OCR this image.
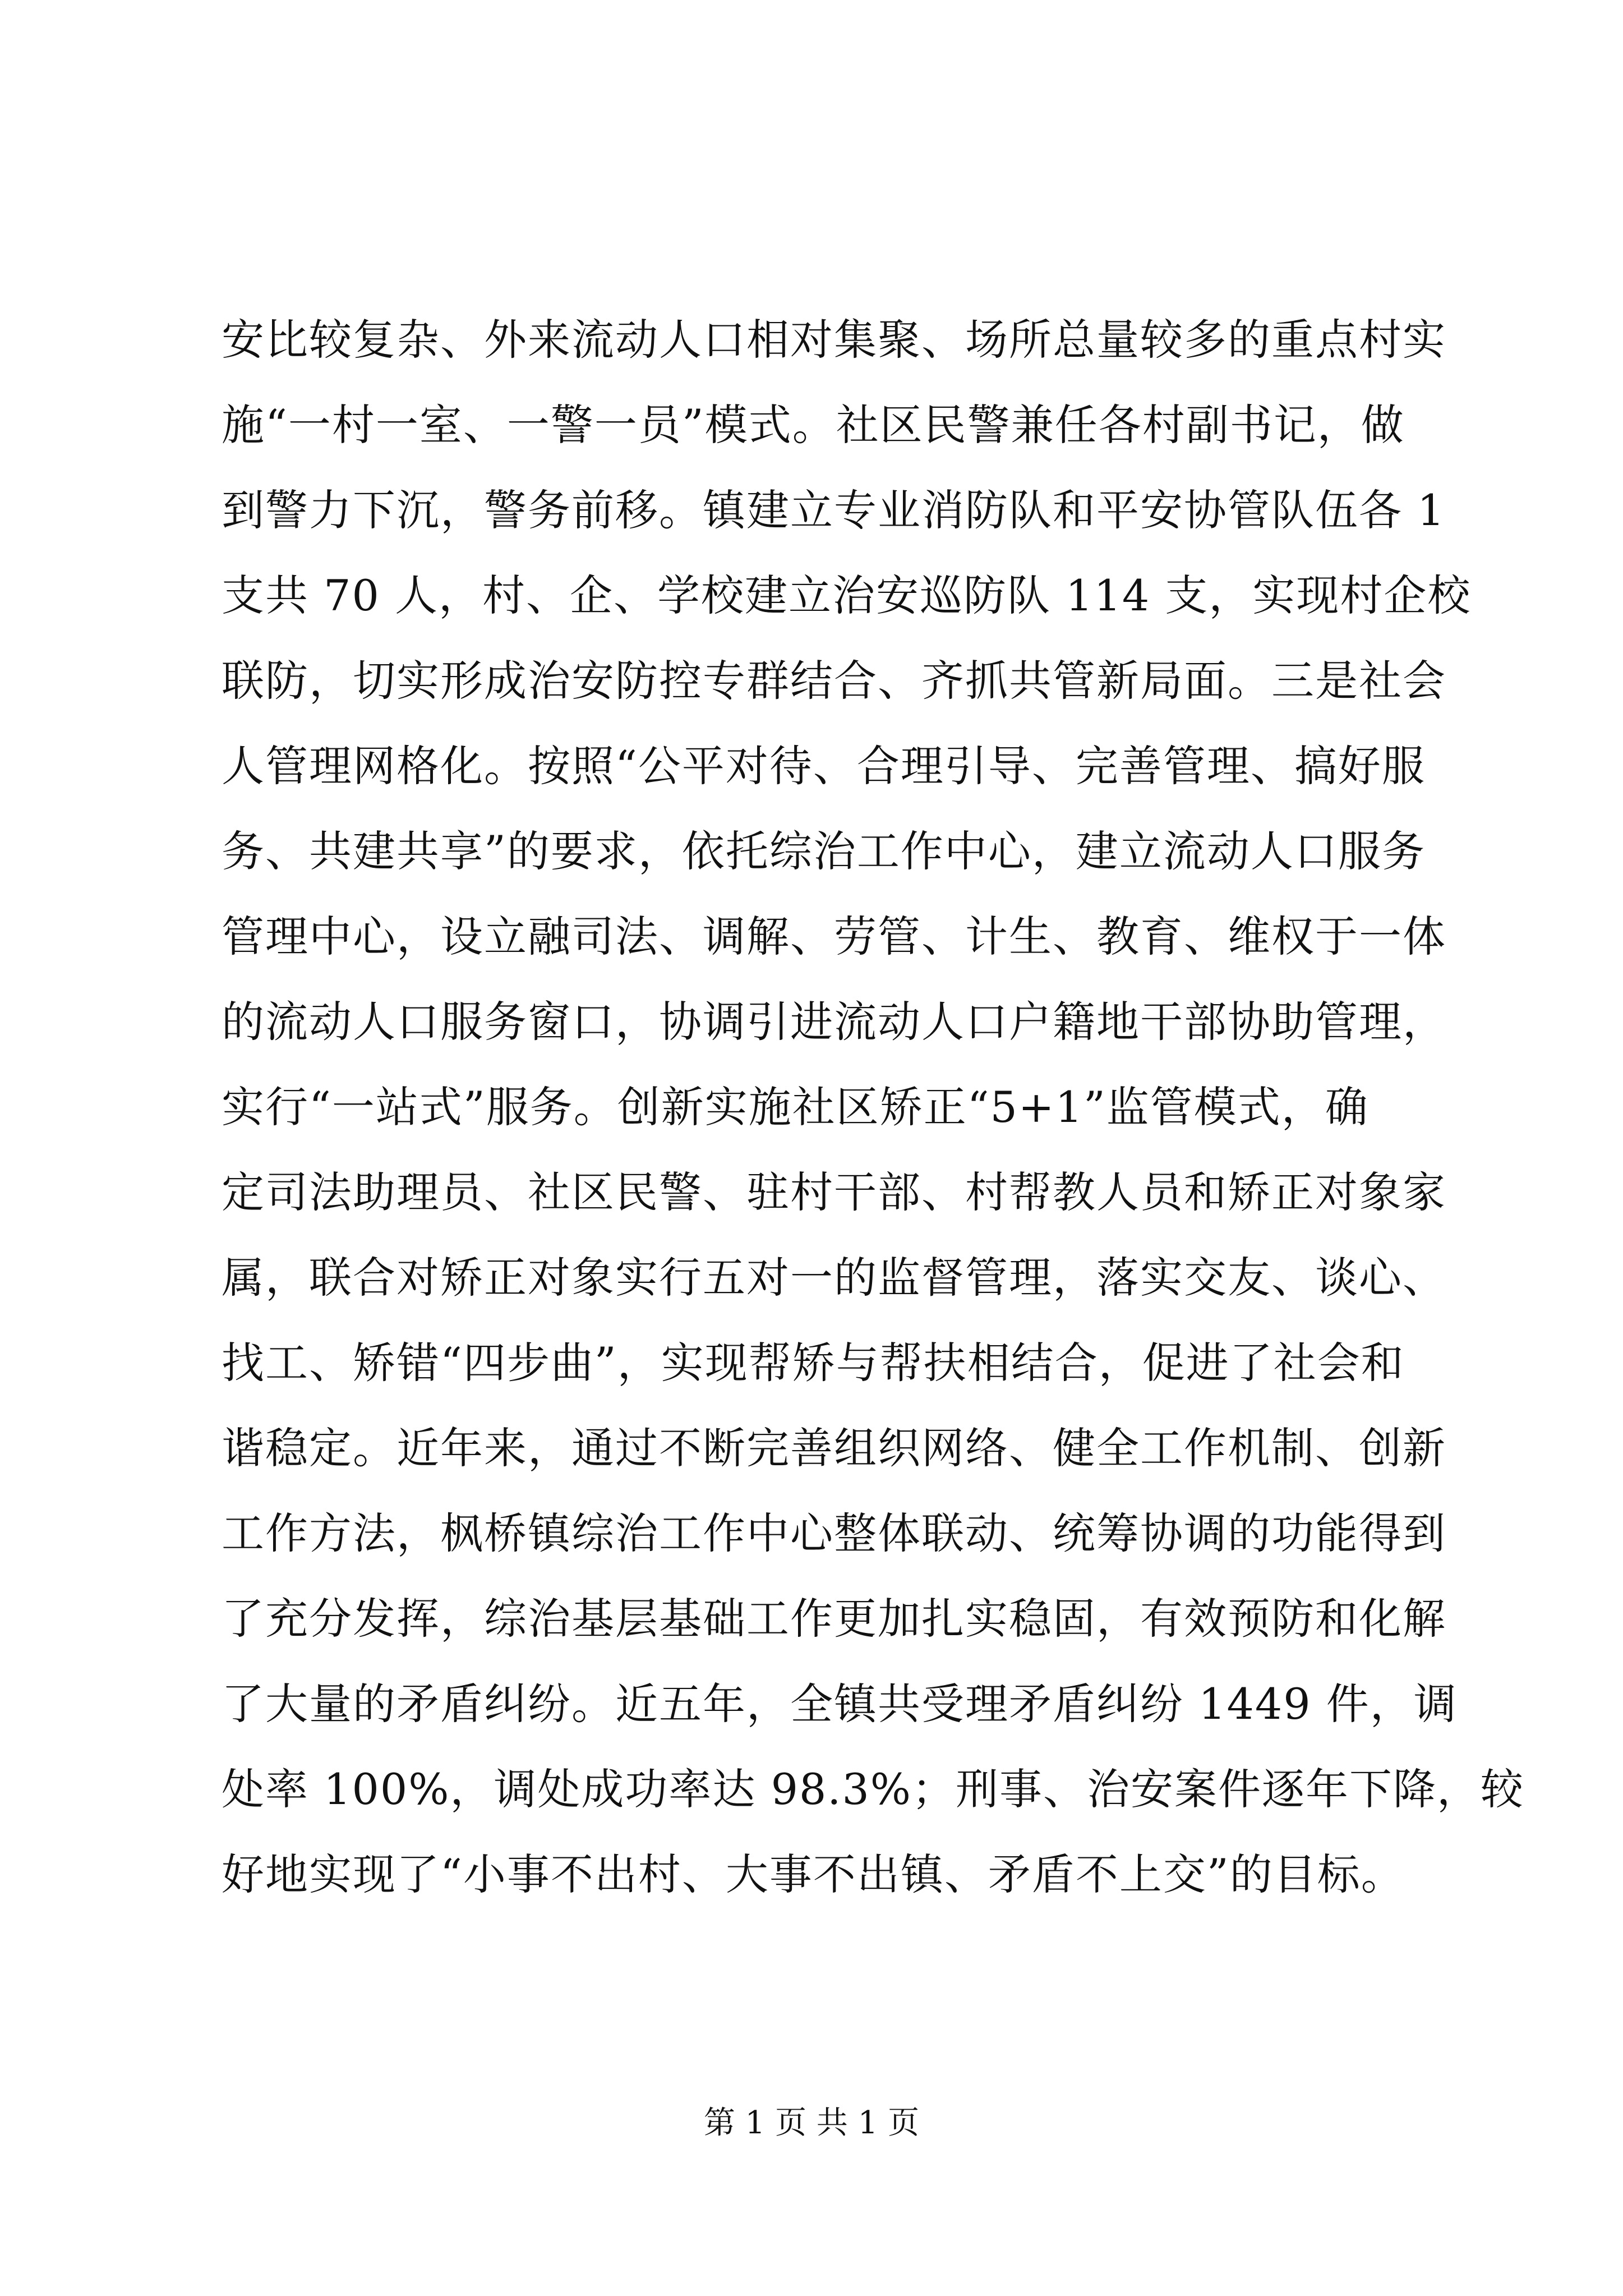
安比较复杂、外来流动人口相对集聚、场所总量较多的重点村实
施“一村一室、一警一员”模式。社区民警兼任各村副书记，做
到警力下沉，警务前移。镇建立专业消防队和平安协管队伍各 1
支共 70 人，村、企、学校建立治安巡防队 114 支，实现村企校
联防，切实形成治安防控专群结合、齐抓共管新局面。三是社会
人管理网格化。按照“公平对待、合理引导、完善管理、搞好服
务、共建共享”的要求，依托综治工作中心，建立流动人口服务
管理中心，设立融司法、调解、劳管、计生、教育、维权于一体
的流动人口服务窗口，协调引进流动人口户籍地干部协助管理，
实行“一站式”服务。创新实施社区矫正“5+1”监管模式，确
定司法助理员、社区民警、驻村干部、村帮教人员和矫正对象家
属，联合对矫正对象实行五对一的监督管理，落实交友、谈心、
找工、矫错“四步曲”，实现帮矫与帮扶相结合，促进了社会和
谐稳定。近年来，通过不断完善组织网络、健全工作机制、创新
工作方法，枫桥镇综治工作中心整体联动、统筹协调的功能得到
了充分发挥，综治基层基础工作更加扎实稳固，有效预防和化解
了大量的矛盾纠纷。近五年，全镇共受理矛盾纠纷 1449 件，调
处率 100%，调处成功率达 98.3%；刑事、治安案件逐年下降，较
好地实现了“小事不出村、大事不出镇、矛盾不上交”的目标。
第 1 页 共 1 页
